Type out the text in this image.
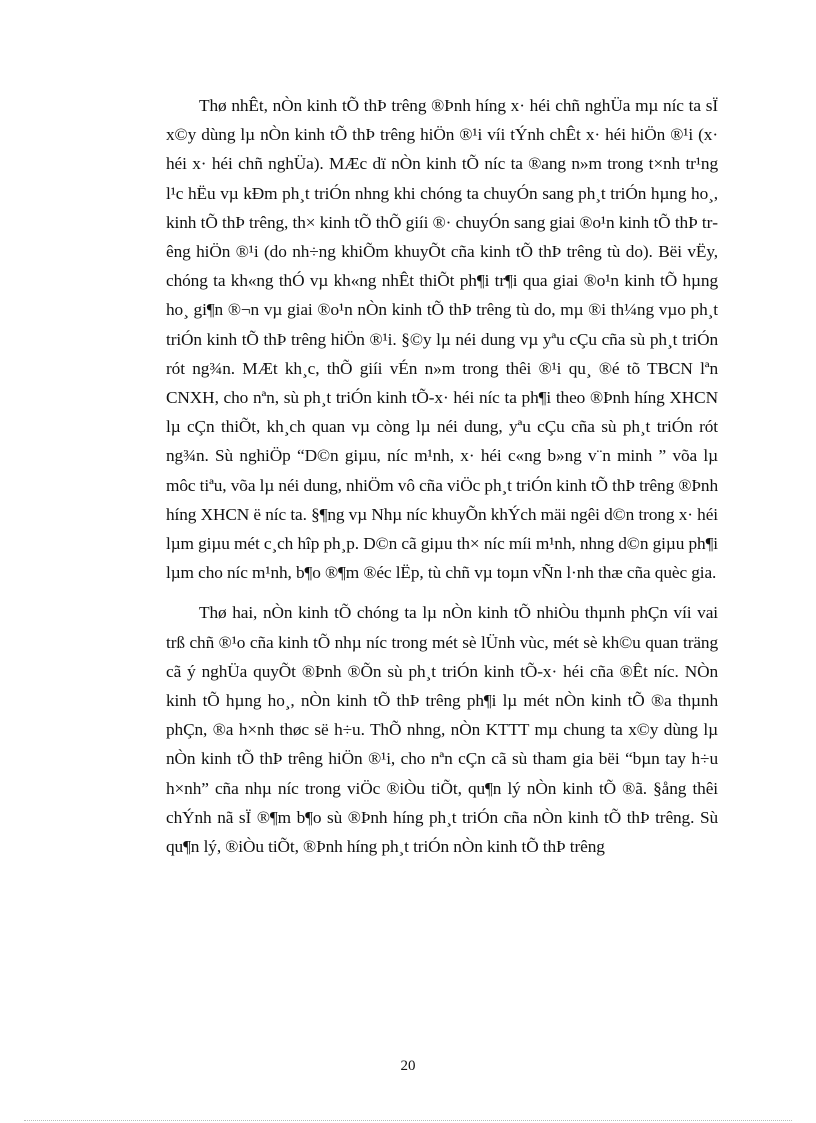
Thø nhÊt, nÒn kinh tÕ thÞ trêng ®Þnh híng x· héi chñ nghÜa mµ níc ta sÏ x©y dùng lµ nÒn kinh tÕ thÞ trêng hiÖn ®¹i víi tÝnh chÊt x· héi hiÖn ®¹i (x· héi x· héi chñ nghÜa). MÆc dï nÒn kinh tÕ níc ta ®ang n»m trong t×nh tr¹ng l¹c hËu vµ kÐm ph¸t triÓn nhng khi chóng ta chuyÓn sang ph¸t triÓn hµng ho¸, kinh tÕ thÞ trêng, th× kinh tÕ thÕ giíi ®· chuyÓn sang giai ®o¹n kinh tÕ thÞ trêng hiÖn ®¹i (do nh÷ng khiÕm khuyÕt cña kinh tÕ thÞ trêng tù do). Bëi vËy, chóng ta kh«ng thÓ vµ kh«ng nhÊt thiÕt ph¶i tr¶i qua giai ®o¹n kinh tÕ hµng ho¸ gi¶n ®¬n vµ giai ®o¹n nÒn kinh tÕ thÞ trêng tù do, mµ ®i th¼ng vµo ph¸t triÓn kinh tÕ thÞ trêng hiÖn ®¹i. §©y lµ néi dung vµ yªu cÇu cña sù ph¸t triÓn rót ng¾n. MÆt kh¸c, thÕ giíi vÉn n»m trong thêi ®¹i qu¸ ®é tõ TBCN lªn CNXH, cho nªn, sù ph¸t triÓn kinh tÕ-x· héi níc ta ph¶i theo ®Þnh híng XHCN lµ cÇn thiÕt, kh¸ch quan vµ còng lµ néi dung, yªu cÇu cña sù ph¸t triÓn rót ng¾n. Sù nghiÖp “D©n giµu, níc m¹nh, x· héi c«ng b»ng v¨n minh ” võa lµ môc tiªu, võa lµ néi dung, nhiÖm vô cña viÖc ph¸t triÓn kinh tÕ thÞ trêng ®Þnh híng XHCN ë níc ta. §¶ng vµ Nhµ níc khuyÕn khÝch mäi ngêi d©n trong x· héi lµm giµu mét c¸ch hîp ph¸p. D©n cã giµu th× níc míi m¹nh, nhng d©n giµu ph¶i lµm cho níc m¹nh, b¶o ®¶m ®éc lËp, tù chñ vµ toµn vÑn l·nh thæ cña quèc gia.

Thø hai, nÒn kinh tÕ chóng ta lµ nÒn kinh tÕ nhiÒu thµnh phÇn víi vai trß chñ ®¹o cña kinh tÕ nhµ níc trong mét sè lÜnh vùc, mét sè kh©u quan träng cã ý nghÜa quyÕt ®Þnh ®Õn sù ph¸t triÓn kinh tÕ-x· héi cña ®Êt níc. NÒn kinh tÕ hµng ho¸, nÒn kinh tÕ thÞ trêng ph¶i lµ mét nÒn kinh tÕ ®a thµnh phÇn, ®a h×nh thøc së h÷u. ThÕ nhng, nÒn KTTT mµ chung ta x©y dùng lµ nÒn kinh tÕ thÞ trêng hiÖn ®¹i, cho nªn cÇn cã sù tham gia bëi “bµn tay h÷u h×nh” cña nhµ níc trong viÖc ®iÒu tiÕt, qu¶n lý nÒn kinh tÕ ®ã. §ång thêi chÝnh nã sÏ ®¶m b¶o sù ®Þnh híng ph¸t triÓn cña nÒn kinh tÕ thÞ trêng. Sù qu¶n lý, ®iÒu tiÕt, ®Þnh híng ph¸t triÓn nÒn kinh tÕ thÞ trêng

20
